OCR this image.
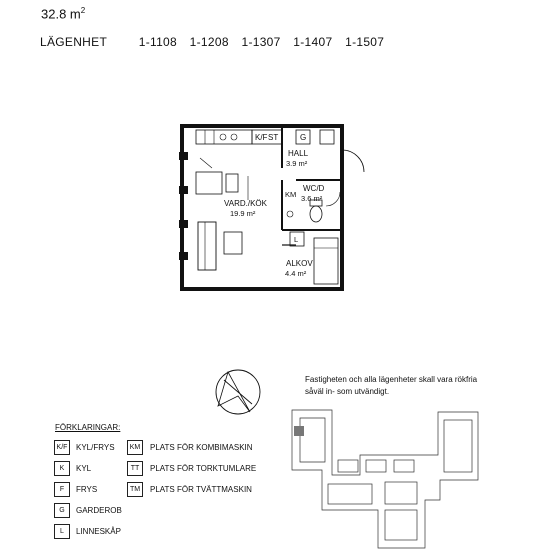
32.8 $m^2$
LÄGENHET	1-1108 1-1208 1-1307 1-1407 1-1507
K/F ST	G
HALL
3.9 m²
KM
WC/D
3.6 m²
VARD./KÖK
19.9 m²
L
ALKOV
4.4 m²
Fastigheten och alla lägenheter skall vara rökfria såväl in- som utvändigt.
FÖRKLARINGAR:
K/F	KYL/FRYS
K	KYL
F	FRYS
G	GARDEROB
L	LINNESKÅP
KM	PLATS FÖR KOMBIMASKIN
TT	PLATS FÖR TORKTUMLARE
TM	PLATS FÖR TVÄTTMASKIN
